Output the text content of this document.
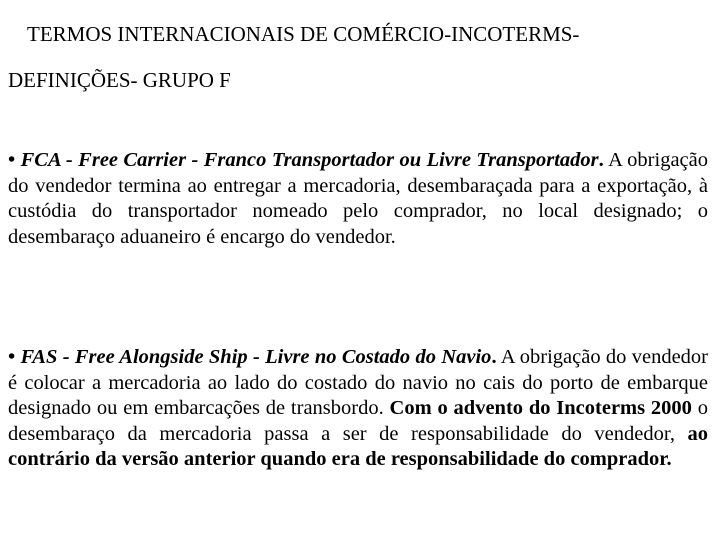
TERMOS INTERNACIONAIS DE COMÉRCIO-INCOTERMS-
DEFINIÇÕES- GRUPO F
• FCA - Free Carrier - Franco Transportador ou Livre Transportador. A obrigação do vendedor termina ao entregar a mercadoria, desembaraçada para a exportação, à custódia do transportador nomeado pelo comprador, no local designado; o desembaraço aduaneiro é encargo do vendedor.
• FAS - Free Alongside Ship - Livre no Costado do Navio. A obrigação do vendedor é colocar a mercadoria ao lado do costado do navio no cais do porto de embarque designado ou em embarcações de transbordo. Com o advento do Incoterms 2000 o desembaraço da mercadoria passa a ser de responsabilidade do vendedor, ao contrário da versão anterior quando era de responsabilidade do comprador.
